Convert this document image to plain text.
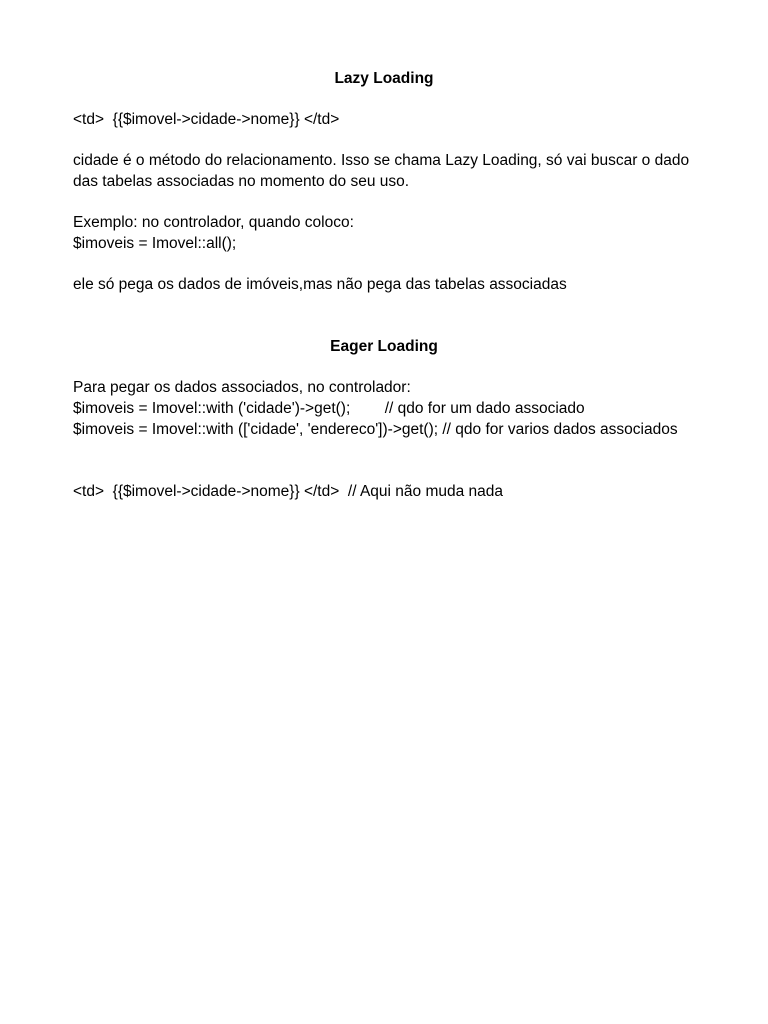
Lazy Loading

<td>  {{$imovel->cidade->nome}} </td>

cidade é o método do relacionamento. Isso se chama Lazy Loading, só vai buscar o dado das tabelas associadas no momento do seu uso.

Exemplo: no controlador, quando coloco:

$imoveis = Imovel::all();

ele só pega os dados de imóveis,mas não pega das tabelas associadas

Eager Loading

Para pegar os dados associados, no controlador:

$imoveis = Imovel::with ('cidade')->get();        // qdo for um dado associado

$imoveis = Imovel::with (['cidade', 'endereco'])->get(); // qdo for varios dados associados

<td>  {{$imovel->cidade->nome}} </td>  // Aqui não muda nada
